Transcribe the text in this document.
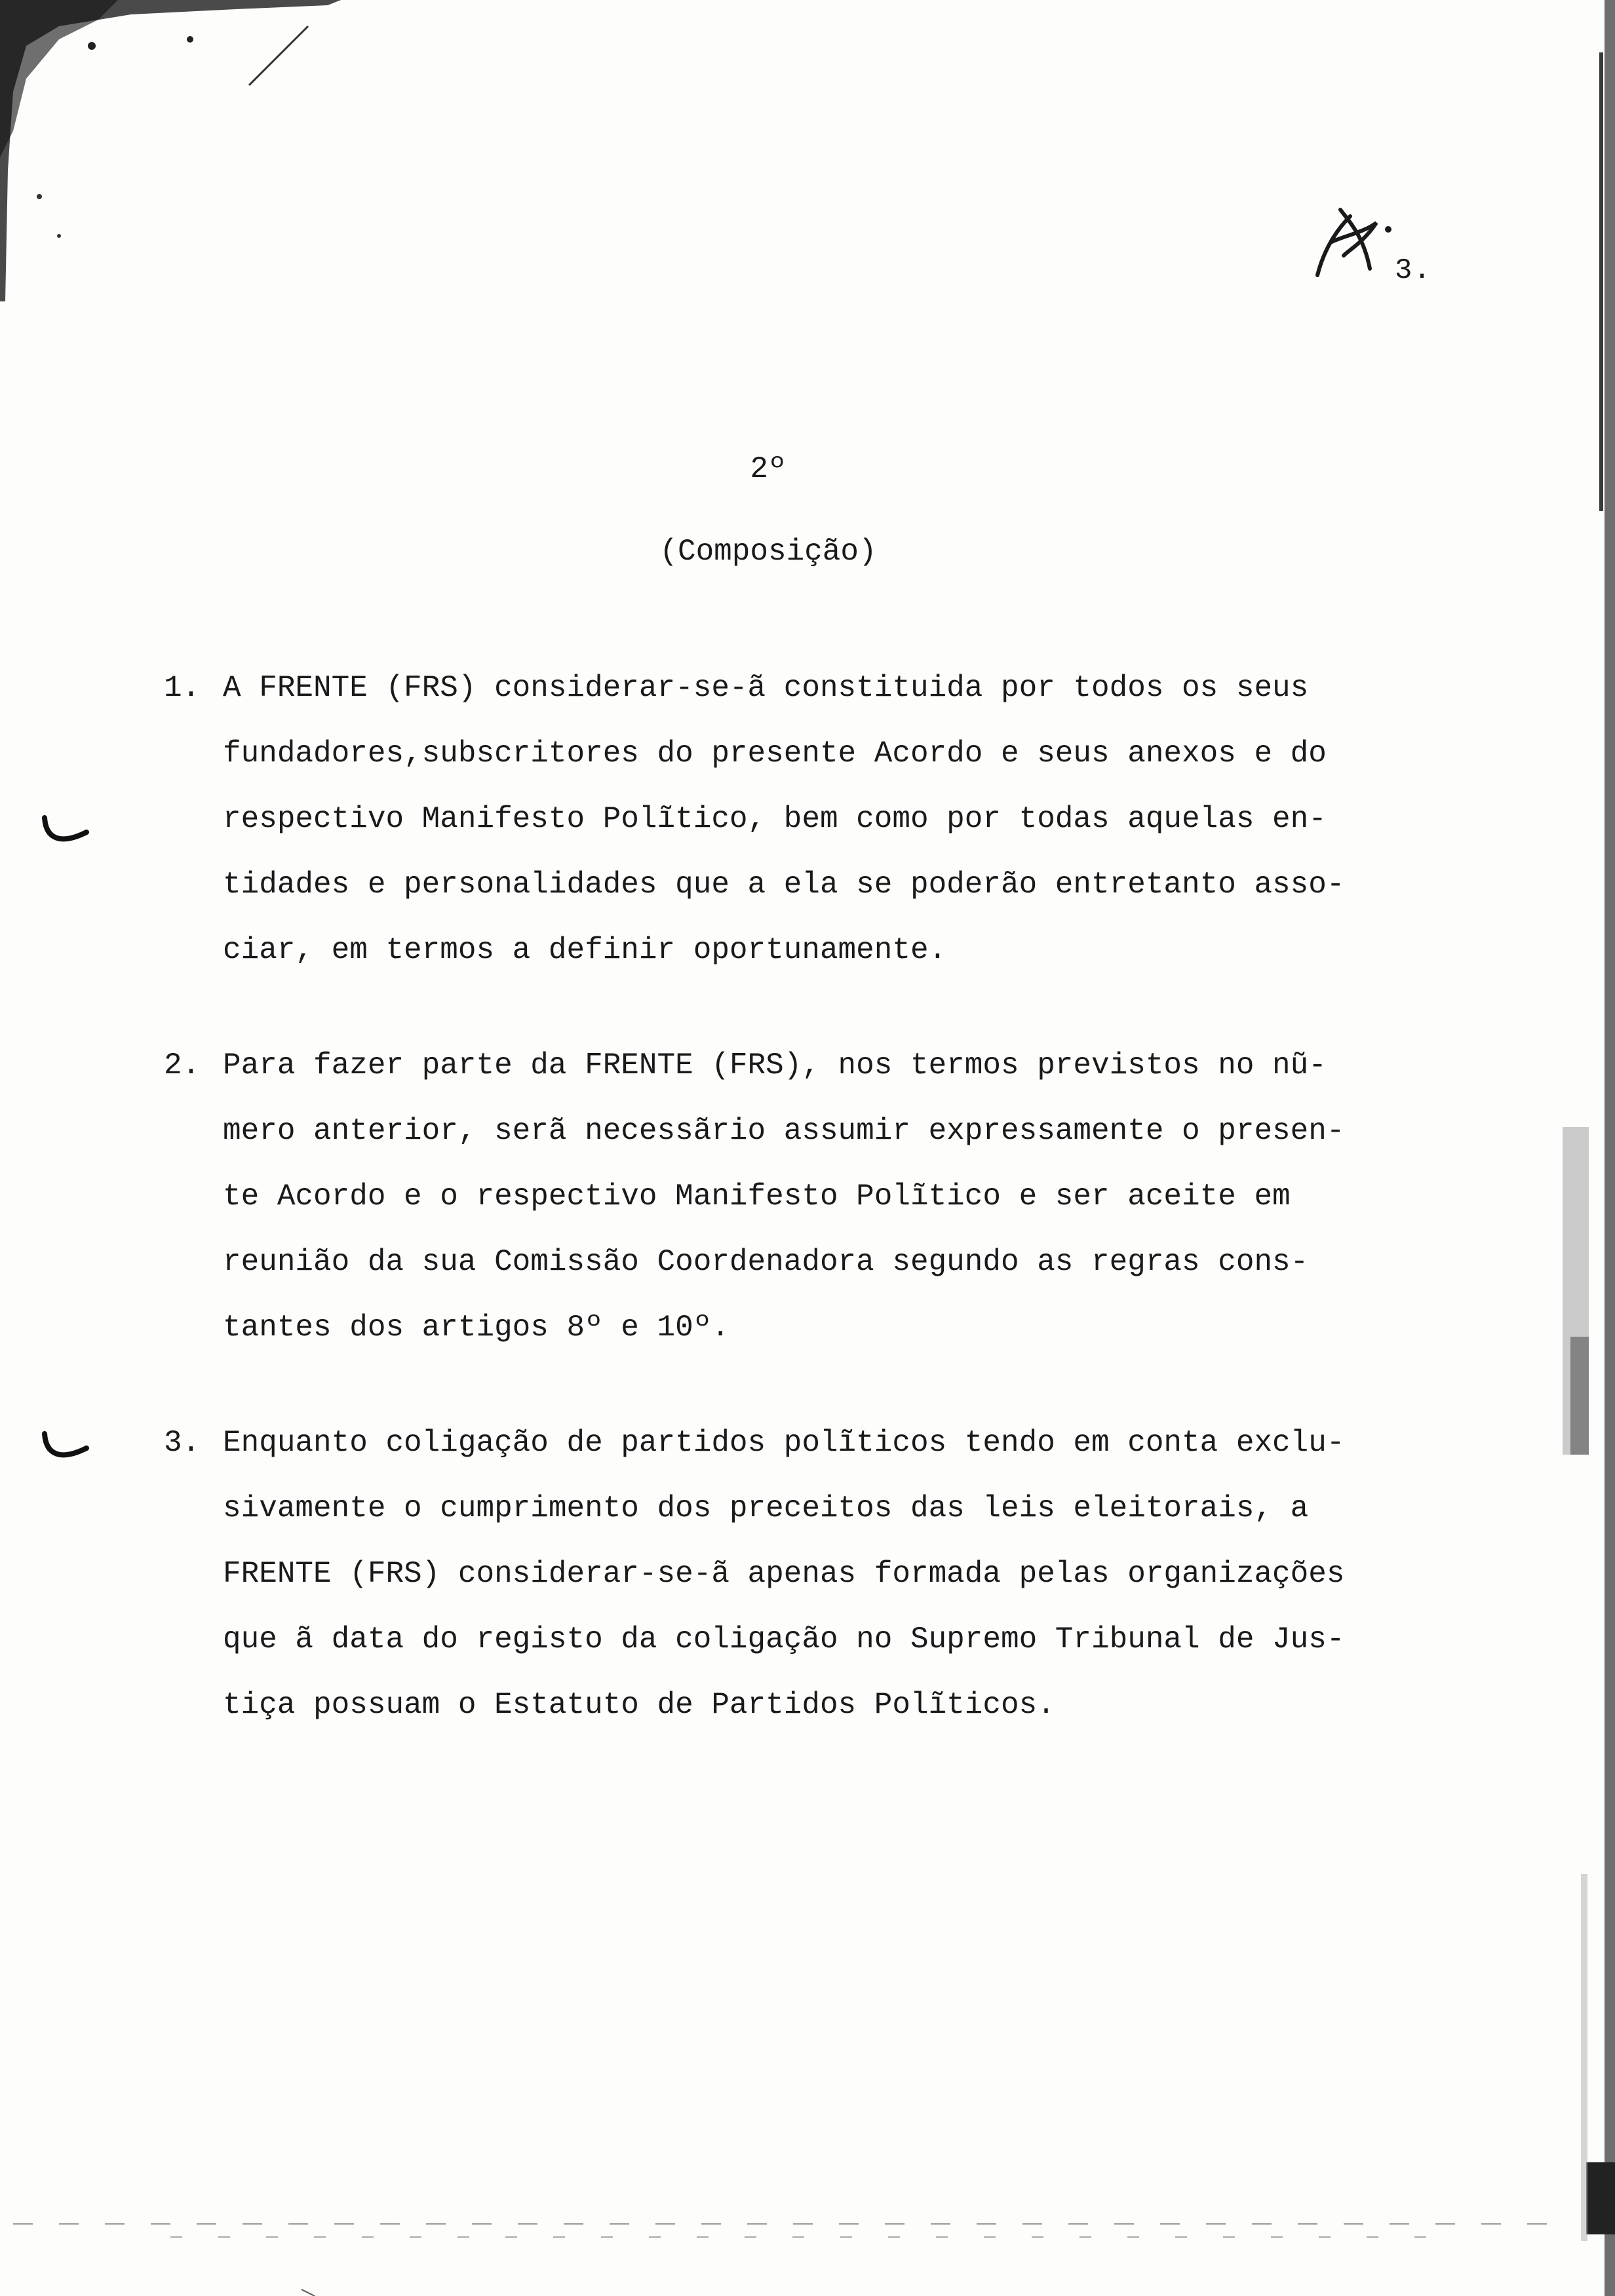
3.
2º
(Composição)
1. A FRENTE (FRS) considerar-se-ã constituida por todos os seus
fundadores,subscritores do presente Acordo e seus anexos e do
respectivo Manifesto Polĩtico, bem como por todas aquelas en-
tidades e personalidades que a ela se poderão entretanto asso-
ciar, em termos a definir oportunamente.
2. Para fazer parte da FRENTE (FRS), nos termos previstos no nũ-
mero anterior, serã necessãrio assumir expressamente o presen-
te Acordo e o respectivo Manifesto Polĩtico e ser aceite em
reunião da sua Comissão Coordenadora segundo as regras cons-
tantes dos artigos 8º e 10º.
3. Enquanto coligação de partidos polĩticos tendo em conta exclu-
sivamente o cumprimento dos preceitos das leis eleitorais, a
FRENTE (FRS) considerar-se-ã apenas formada pelas organizações
que ã data do registo da coligação no Supremo Tribunal de Jus-
tiça possuam o Estatuto de Partidos Polĩticos.
